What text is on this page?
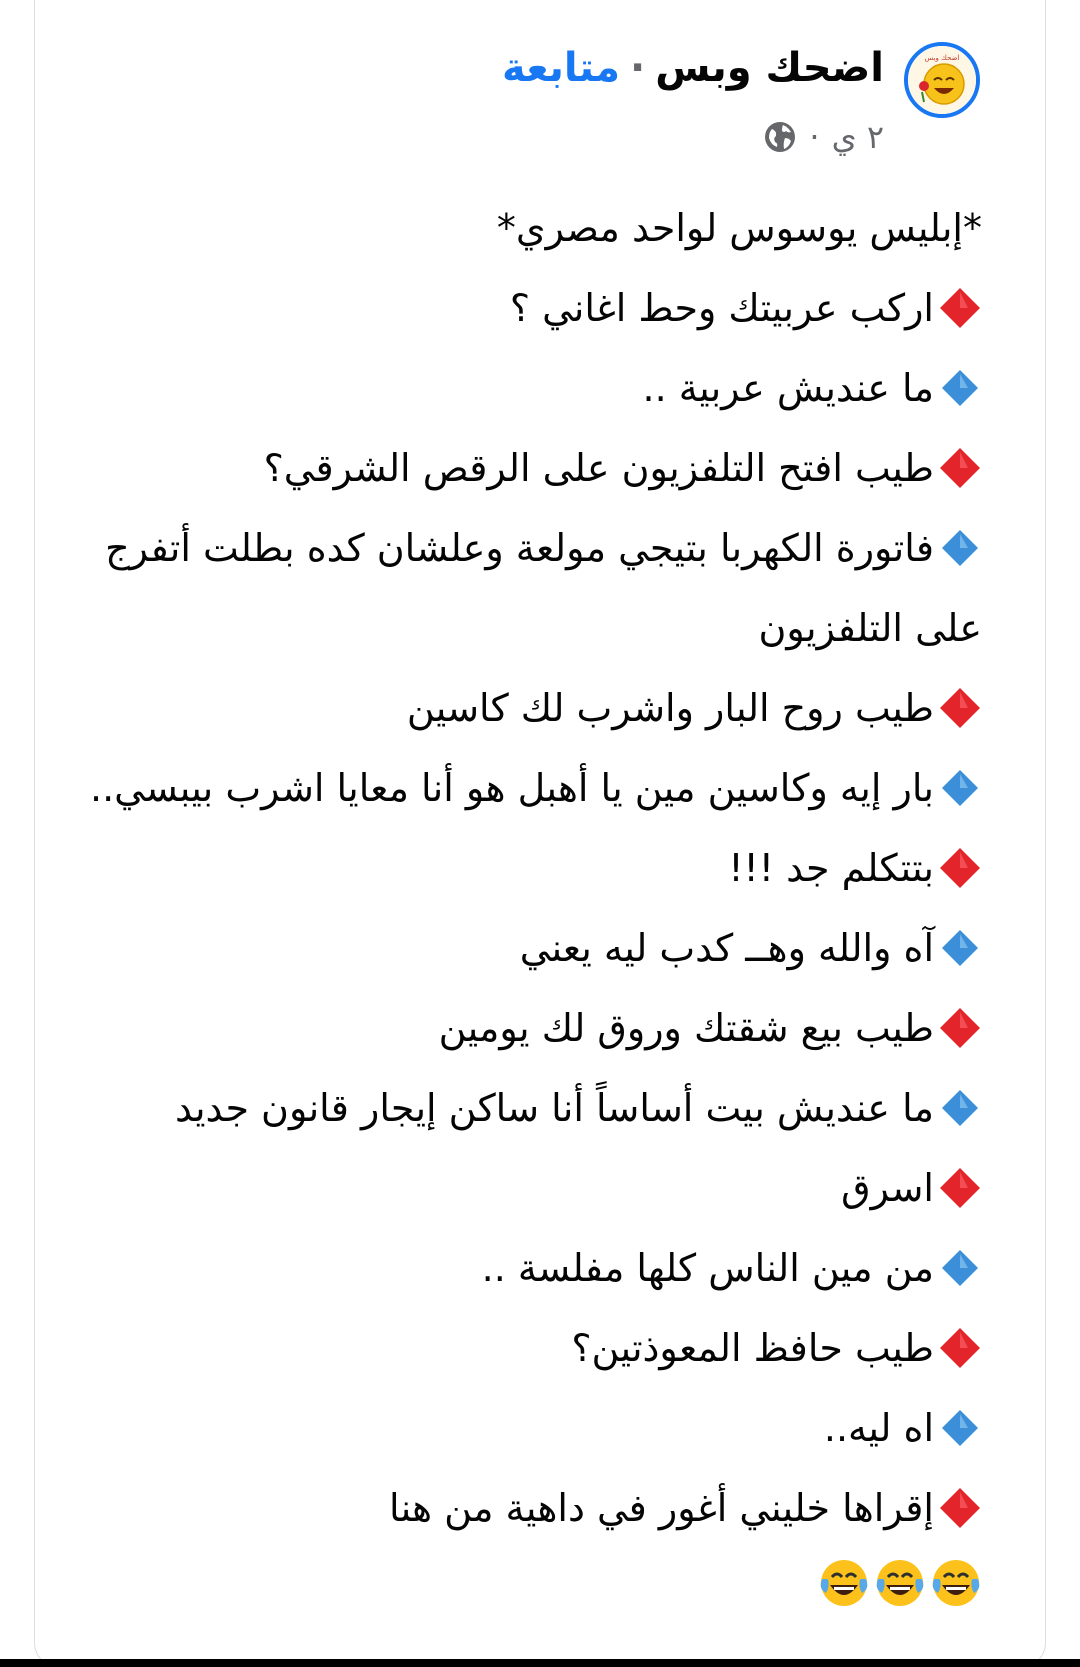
اضحك وبس
اضحك وبس·متابعة
٢ ي
·
*إبليس يوسوس لواحد مصري*
اركب عربيتك وحط اغاني ؟
ما عنديش عربية ..
طيب افتح التلفزيون على الرقص الشرقي؟
فاتورة الكهربا بتيجي مولعة وعلشان كده بطلت أتفرج
على التلفزيون
طيب روح البار واشرب لك كاسين
بار إيه وكاسين مين يا أهبل هو أنا معايا اشرب بيبسي..
بتتكلم جد !!!
آه والله وهــ كدب ليه يعني
طيب بيع شقتك وروق لك يومين
ما عنديش بيت أساساً أنا ساكن إيجار قانون جديد
اسرق
من مين الناس كلها مفلسة ..
طيب حافظ المعوذتين؟
اه ليه..
إقراها خليني أغور في داهية من هنا
